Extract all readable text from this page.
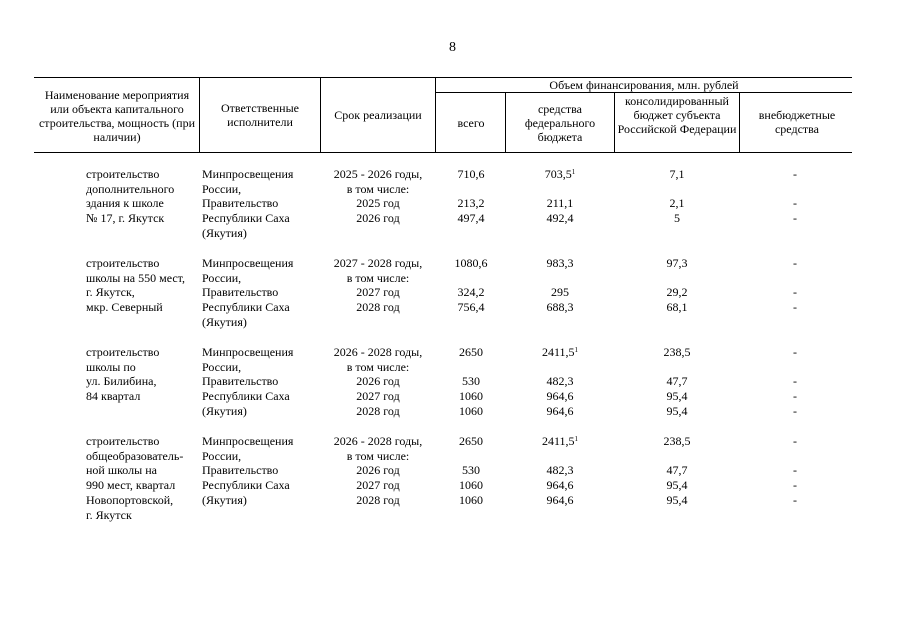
8
Наименование мероприятия или объекта капитального строительства, мощность (при наличии)
Ответственные исполнители	Срок реализации
Объем финансирования, млн. рублей
всего
средства федерального бюджета
консолидированный бюджет субъекта Российской Федерации
внебюджетные средства
строительство
дополнительного
здания к школе
№ 17, г. Якутск
Минпросвещения
России,
Правительство
Республики Саха
(Якутия)
2025 - 2026 годы,
в том числе:
2025 год
2026 год
710,6
213,2
497,4
703,5$^1$
211,1
492,4
7,1
2,1
5
-
-
-
строительство
школы на 550 мест,
г. Якутск,
мкр. Северный
Минпросвещения
России,
Правительство
Республики Саха
(Якутия)
2027 - 2028 годы,
в том числе:
2027 год
2028 год
1080,6
324,2
756,4
983,3
295
688,3
97,3
29,2
68,1
-
-
-
строительство
школы по
ул. Билибина,
84 квартал
Минпросвещения
России,
Правительство
Республики Саха
(Якутия)
2026 - 2028 годы,
в том числе:
2026 год
2027 год
2028 год
2650
530
1060
1060
2411,5$^1$
482,3
964,6
964,6
238,5
47,7
95,4
95,4
-
-
-
-
строительство
общеобразователь-
ной школы на
990 мест, квартал
Новопортовской,
г. Якутск
Минпросвещения
России,
Правительство
Республики Саха
(Якутия)
2026 - 2028 годы,
в том числе:
2026 год
2027 год
2028 год
2650
530
1060
1060
2411,5$^1$
482,3
964,6
964,6
238,5
47,7
95,4
95,4
-
-
-
-
